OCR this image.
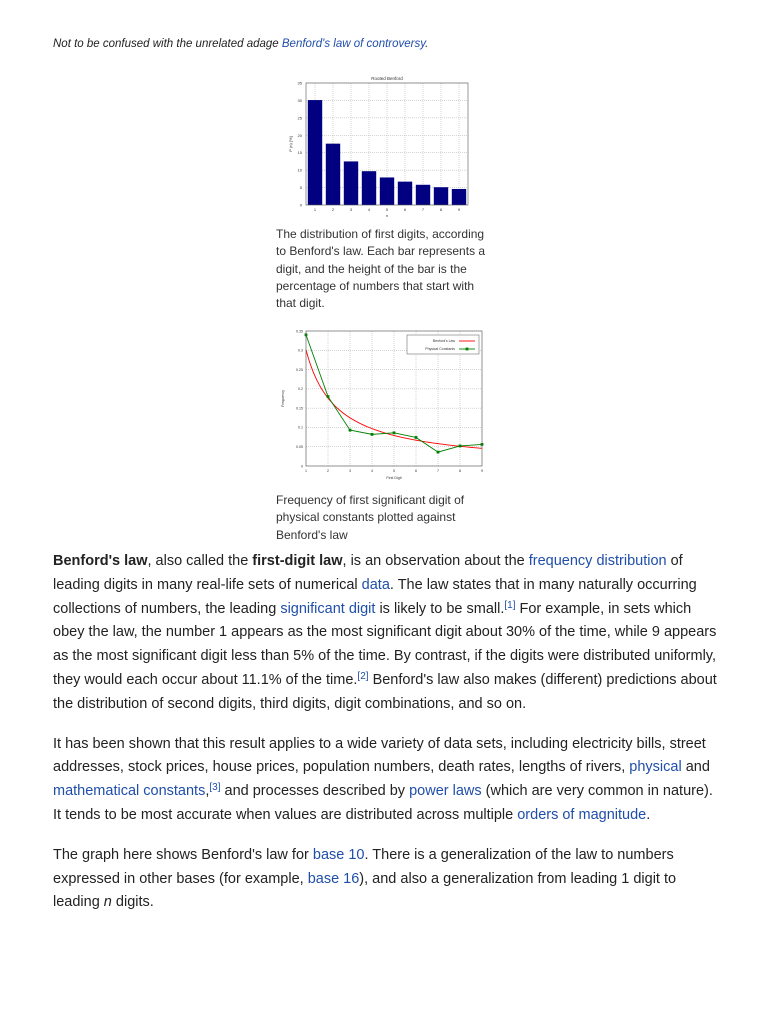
Not to be confused with the unrelated adage Benford's law of controversy.
Rooted Benford
0
5
10
15
20
25
30
35
1	2	3	4	5	6	7	8	9
n
P (n) [%]
The distribution of first digits, according to Benford's law. Each bar represents a digit, and the height of the bar is the percentage of numbers that start with that digit.
0
0.05
0.1
0.15
0.2
0.25
0.3
0.35
1	2	3	4	5	6	7	8	9
Benford's Law
Physical Constants
First Digit
Frequency
Frequency of first significant digit of physical constants plotted against Benford's law

Benford's law, also called the first-digit law, is an observation about the frequency distribution of leading digits in many real-life sets of numerical data. The law states that in many naturally occurring collections of numbers, the leading significant digit is likely to be small.[1] For example, in sets which obey the law, the number 1 appears as the most significant digit about 30% of the time, while 9 appears as the most significant digit less than 5% of the time. By contrast, if the digits were distributed uniformly, they would each occur about 11.1% of the time.[2] Benford's law also makes (different) predictions about the distribution of second digits, third digits, digit combinations, and so on.

It has been shown that this result applies to a wide variety of data sets, including electricity bills, street addresses, stock prices, house prices, population numbers, death rates, lengths of rivers, physical and mathematical constants,[3] and processes described by power laws (which are very common in nature). It tends to be most accurate when values are distributed across multiple orders of magnitude.

The graph here shows Benford's law for base 10. There is a generalization of the law to numbers expressed in other bases (for example, base 16), and also a generalization from leading 1 digit to leading n digits.
